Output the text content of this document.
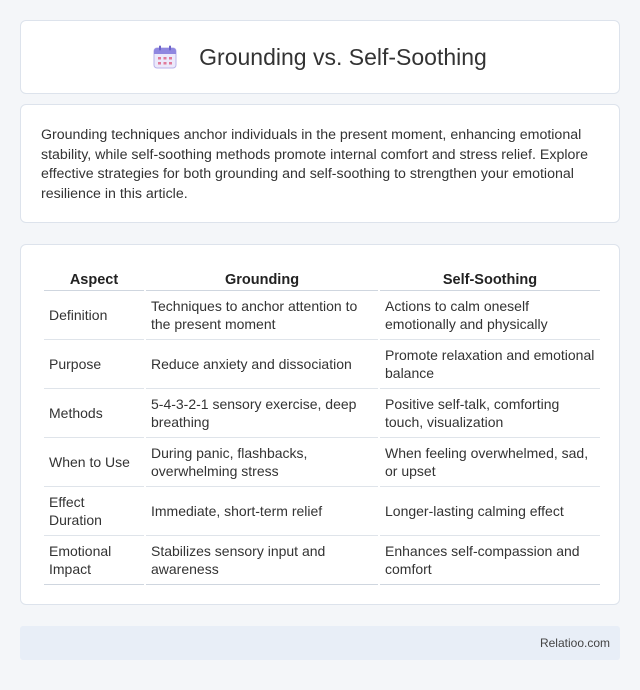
Grounding vs. Self-Soothing

Grounding techniques anchor individuals in the present moment, enhancing emotional stability, while self-soothing methods promote internal comfort and stress relief. Explore effective strategies for both grounding and self-soothing to strengthen your emotional resilience in this article.

Aspect	Grounding	Self-Soothing
Definition	Techniques to anchor attention to the present moment	Actions to calm oneself emotionally and physically
Purpose	Reduce anxiety and dissociation	Promote relaxation and emotional balance
Methods	5-4-3-2-1 sensory exercise, deep breathing	Positive self-talk, comforting touch, visualization
When to Use	During panic, flashbacks, overwhelming stress	When feeling overwhelmed, sad, or upset
Effect Duration	Immediate, short-term relief	Longer-lasting calming effect
Emotional Impact	Stabilizes sensory input and awareness	Enhances self-compassion and comfort
Relatioo.com
